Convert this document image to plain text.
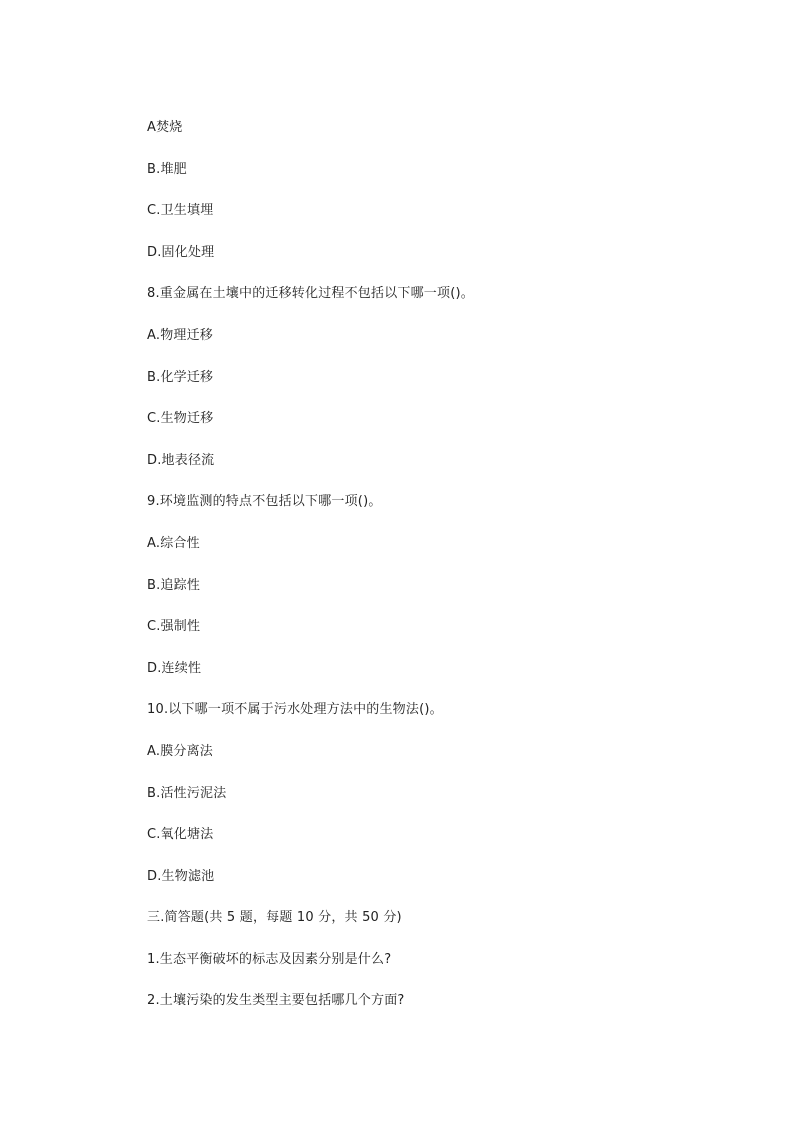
A焚烧
B.堆肥
C.卫生填埋
D.固化处理
8.重金属在土壤中的迁移转化过程不包括以下哪一项()。
A.物理迁移
B.化学迁移
C.生物迁移
D.地表径流
9.环境监测的特点不包括以下哪一项()。
A.综合性
B.追踪性
C.强制性
D.连续性
10.以下哪一项不属于污水处理方法中的生物法()。
A.膜分离法
B.活性污泥法
C.氧化塘法
D.生物滤池
三.简答题(共 5 题，每题 10 分，共 50 分)
1.生态平衡破坏的标志及因素分别是什么?
2.土壤污染的发生类型主要包括哪几个方面?
